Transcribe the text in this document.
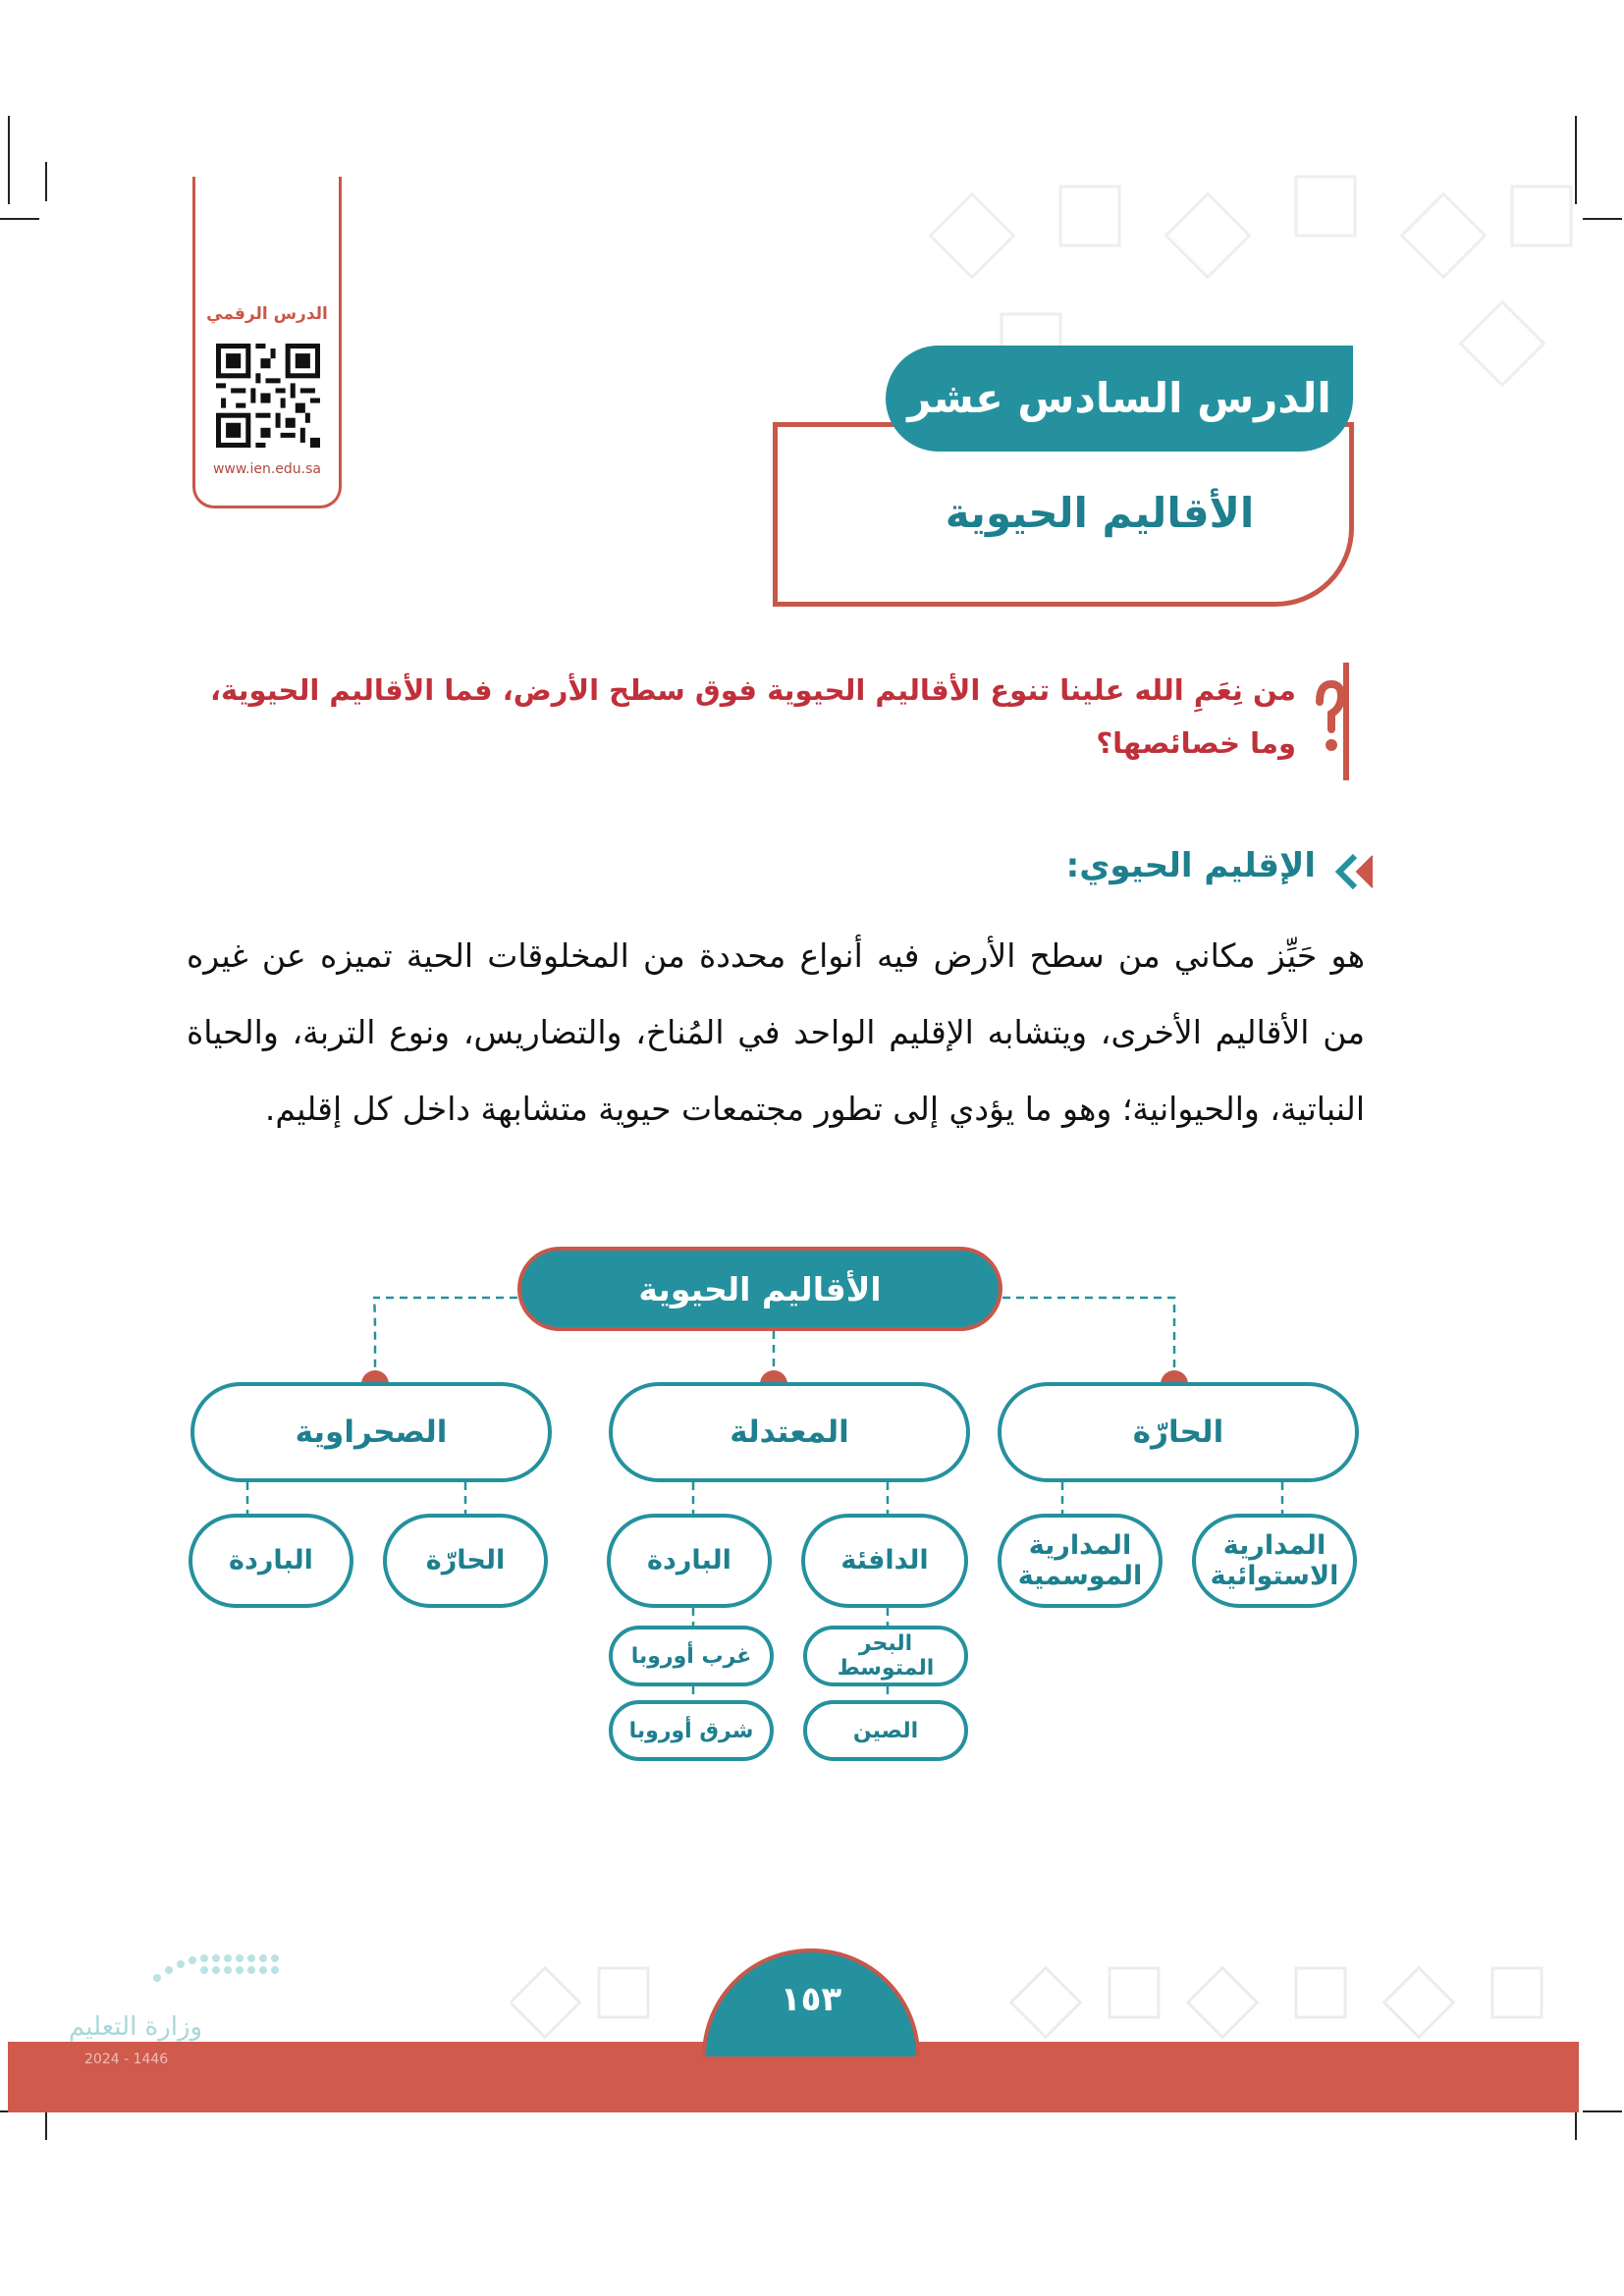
الدرس الرقمي
www.ien.edu.sa
الدرس السادس عشر
الأقاليم الحيوية
من نِعَمِ الله علينا تنوع الأقاليم الحيوية فوق سطح الأرض، فما الأقاليم الحيوية، وما خصائصها؟
الإقليم الحيوي:
هو حَيِّز مكاني من سطح الأرض فيه أنواع محددة من المخلوقات الحية تميزه عن غيره من الأقاليم الأخرى، ويتشابه الإقليم الواحد في المُناخ، والتضاريس، ونوع التربة، والحياة النباتية، والحيوانية؛ وهو ما يؤدي إلى تطور مجتمعات حيوية متشابهة داخل كل إقليم.
الأقاليم الحيوية
الصحراوية	المعتدلة	الحارّة
الباردة	الحارّة	الباردة	الدافئة
المدارية الموسمية
المدارية الاستوائية
غرب أوروبا	البحر المتوسط
شرق أوروبا	الصين
وزارة التعليم
2024 - 1446
١٥٣
